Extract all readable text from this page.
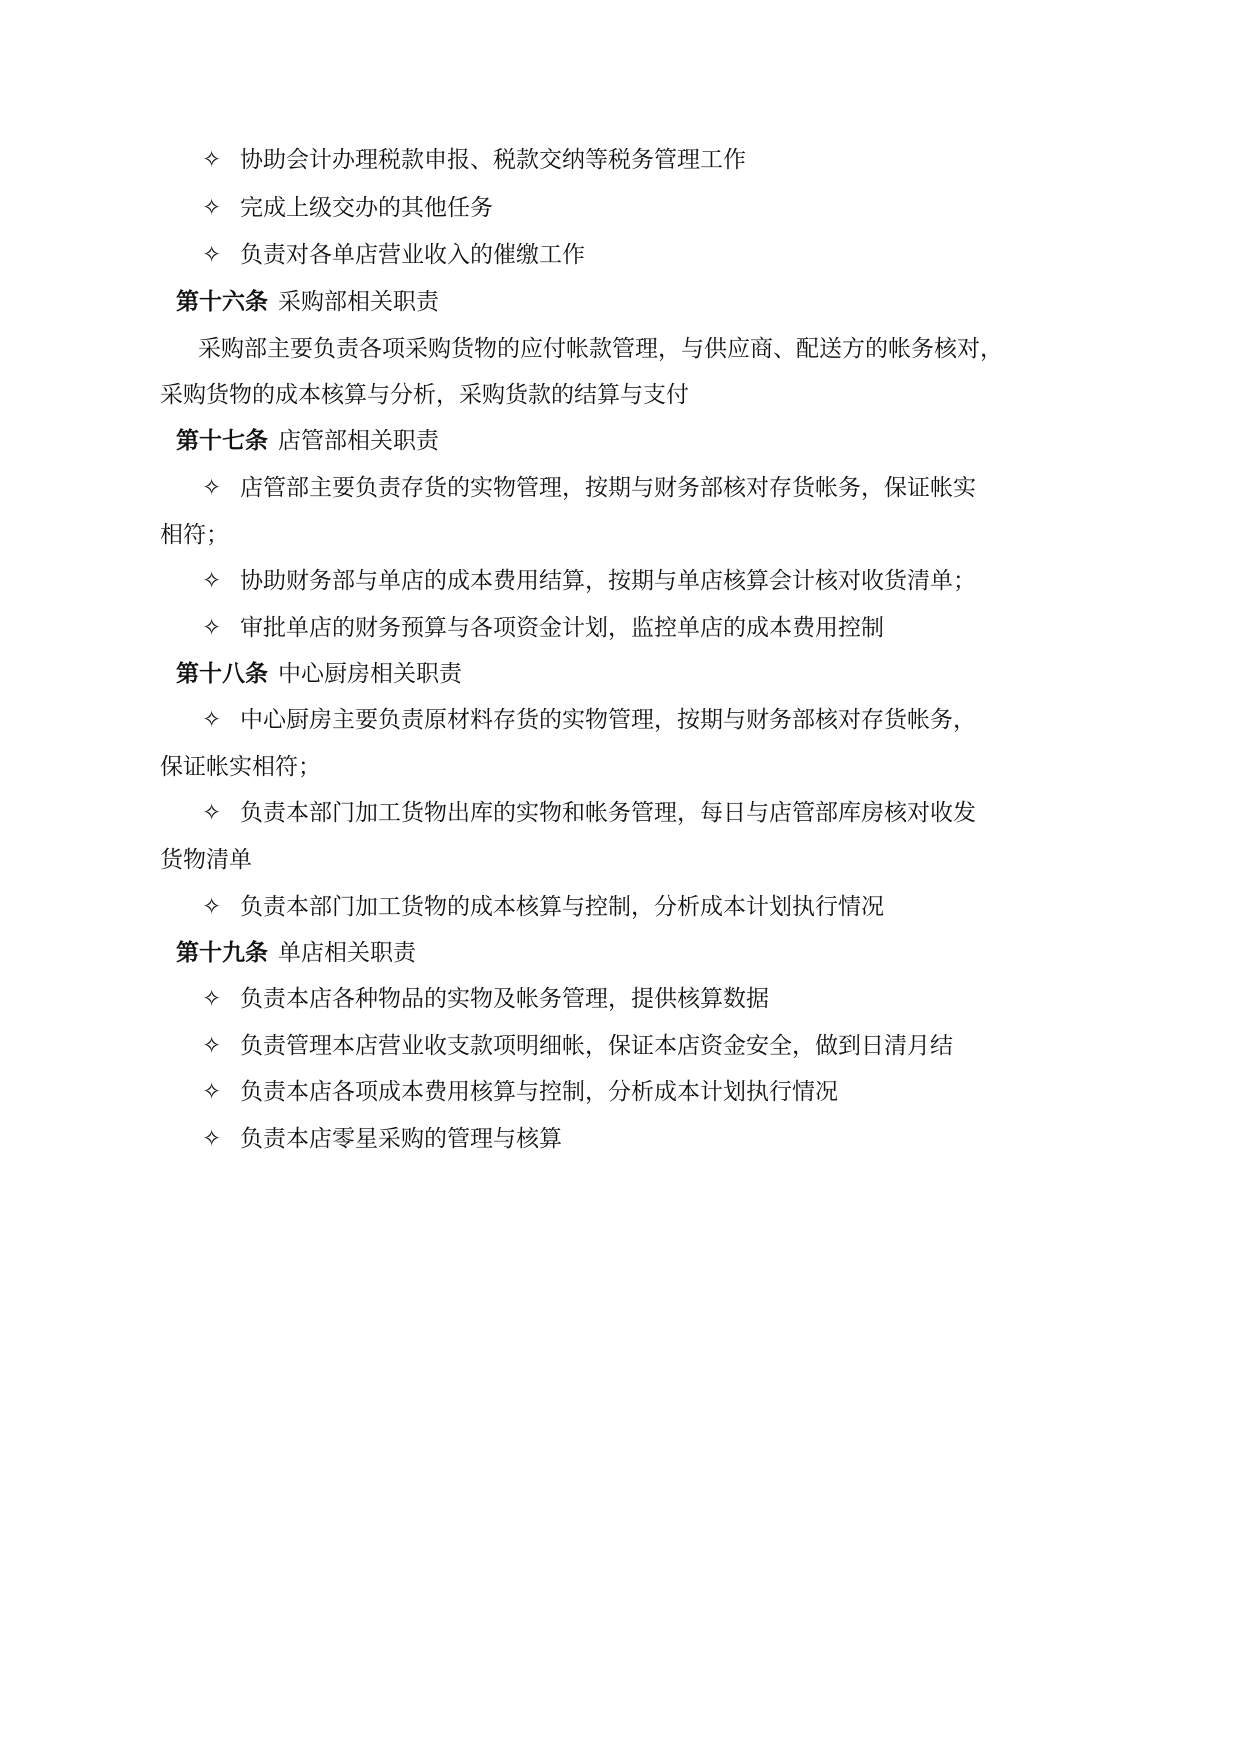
✧ 协助会计办理税款申报、税款交纳等税务管理工作
✧ 完成上级交办的其他任务
✧ 负责对各单店营业收入的催缴工作
第十六条 采购部相关职责
采购部主要负责各项采购货物的应付帐款管理，与供应商、配送方的帐务核对，
采购货物的成本核算与分析，采购货款的结算与支付
第十七条 店管部相关职责
✧ 店管部主要负责存货的实物管理，按期与财务部核对存货帐务，保证帐实
相符；
✧ 协助财务部与单店的成本费用结算，按期与单店核算会计核对收货清单；
✧ 审批单店的财务预算与各项资金计划，监控单店的成本费用控制
第十八条 中心厨房相关职责
✧ 中心厨房主要负责原材料存货的实物管理，按期与财务部核对存货帐务，
保证帐实相符；
✧ 负责本部门加工货物出库的实物和帐务管理，每日与店管部库房核对收发
货物清单
✧ 负责本部门加工货物的成本核算与控制，分析成本计划执行情况
第十九条 单店相关职责
✧ 负责本店各种物品的实物及帐务管理，提供核算数据
✧ 负责管理本店营业收支款项明细帐，保证本店资金安全，做到日清月结
✧ 负责本店各项成本费用核算与控制，分析成本计划执行情况
✧ 负责本店零星采购的管理与核算
